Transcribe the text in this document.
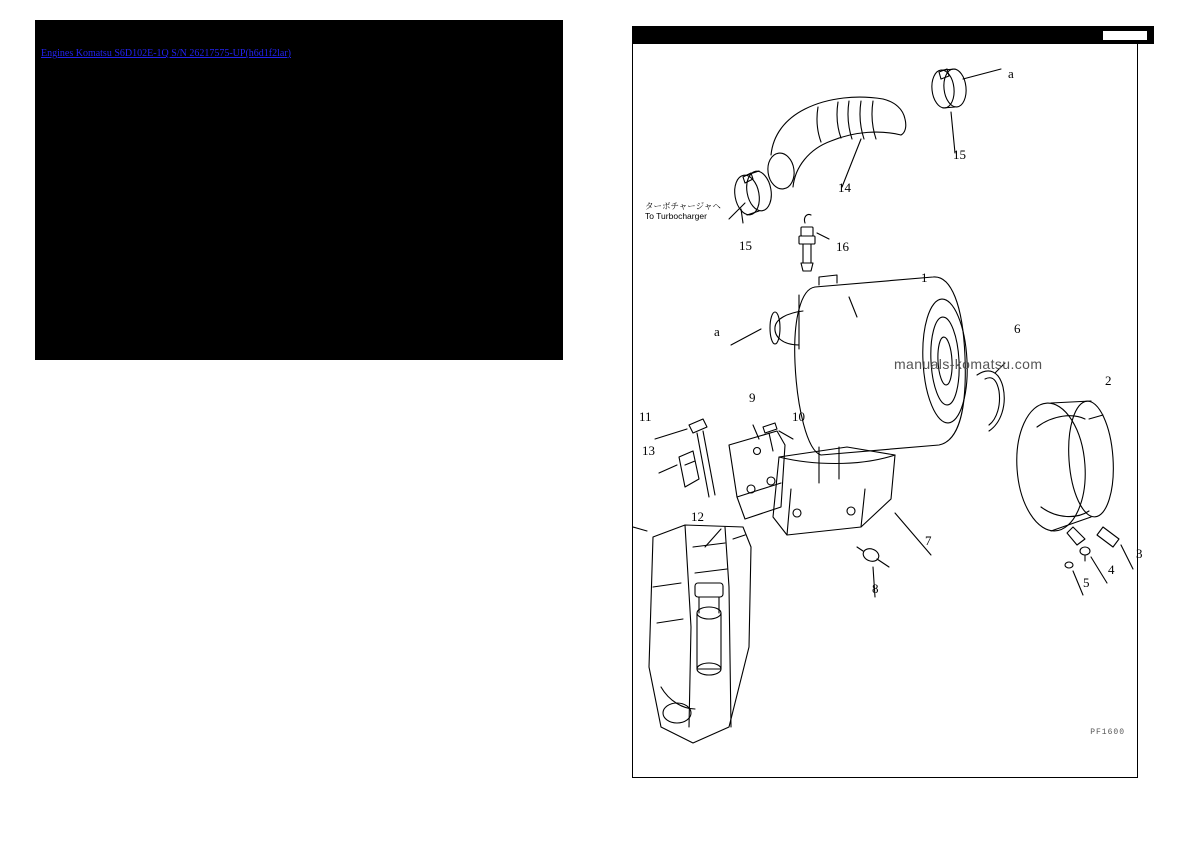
Engines Komatsu S6D102E-1Q S/N 26217575-UP(h6d1f2lar)
ターボチャージャヘ
To Turbocharger
PF1600
a
15
14
15	16
1
6
a
2
11
9
10
13
12
7
3
4
5
8
manuals-komatsu.com
